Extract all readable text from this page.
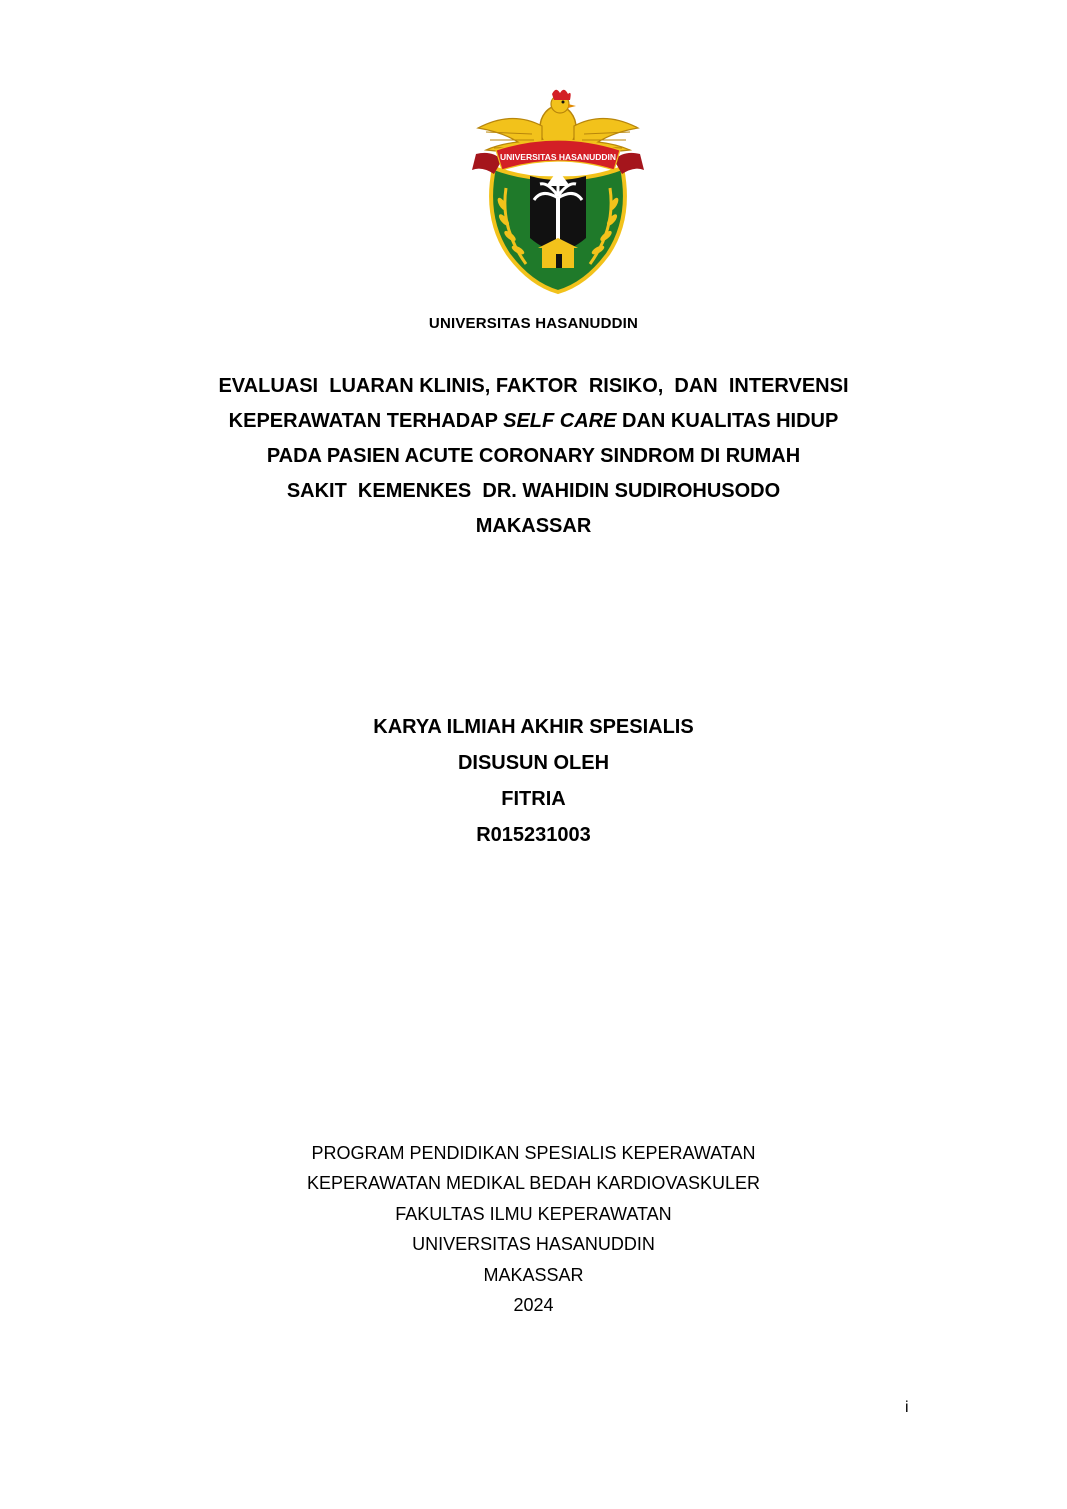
UNIVERSITAS HASANUDDIN
UNIVERSITAS HASANUDDIN
EVALUASI  LUARAN KLINIS, FAKTOR  RISIKO,  DAN  INTERVENSI
KEPERAWATAN TERHADAP SELF CARE DAN KUALITAS HIDUP
PADA PASIEN ACUTE CORONARY SINDROM DI RUMAH
SAKIT  KEMENKES  DR. WAHIDIN SUDIROHUSODO
MAKASSAR
KARYA ILMIAH AKHIR SPESIALIS
DISUSUN OLEH
FITRIA
R015231003
PROGRAM PENDIDIKAN SPESIALIS KEPERAWATAN
KEPERAWATAN MEDIKAL BEDAH KARDIOVASKULER
FAKULTAS ILMU KEPERAWATAN
UNIVERSITAS HASANUDDIN
MAKASSAR
2024
i
